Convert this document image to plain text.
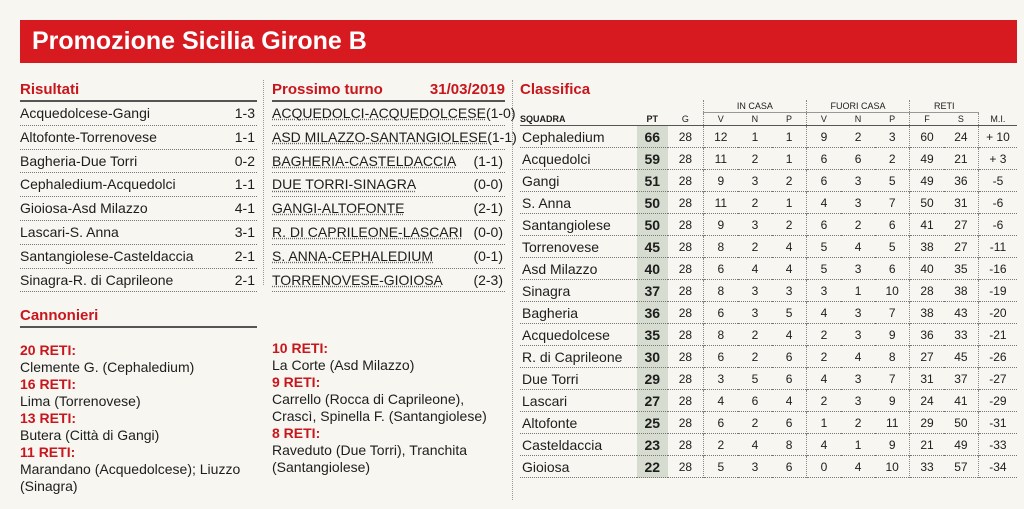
Promozione Sicilia Girone B
Risultati
Acquedolcese-Gangi	1-3
Altofonte-Torrenovese	1-1
Bagheria-Due Torri	0-2
Cephaledium-Acquedolci	1-1
Gioiosa-Asd Milazzo	4-1
Lascari-S. Anna	3-1
Santangiolese-Casteldaccia	2-1
Sinagra-R. di Caprileone	2-1
Prossimo turno	31/03/2019
ACQUEDOLCI-ACQUEDOLCESE (1-0)
ASD MILAZZO-SANTANGIOLESE (1-1)
BAGHERIA-CASTELDACCIA (1-1)
DUE TORRI-SINAGRA	(0-0)
GANGI-ALTOFONTE	(2-1)
R. DI CAPRILEONE-LASCARI (0-0)
S. ANNA-CEPHALEDIUM	(0-1)
TORRENOVESE-GIOIOSA (2-3)
Cannonieri
20 RETI:
Clemente G. (Cephaledium)
16 RETI:
Lima (Torrenovese)
13 RETI:
Butera (Città di Gangi)
11 RETI:
Marandano (Acquedolcese); Liuzzo
(Sinagra)
10 RETI:
La Corte (Asd Milazzo)
9 RETI:
Carrello (Rocca di Caprileone),
Crascì, Spinella F. (Santangiolese)
8 RETI:
Raveduto (Due Torri), Tranchita
(Santangiolese)
Classifica
			IN CASA			FUORI CASA			RETI		
SQUADRA	PT	G	V	N	P	V	N	P	F	S	M.I.
Cephaledium	66	28	12	1	1	9	2	3	60	24	+ 10
Acquedolci	59	28	11	2	1	6	6	2	49	21	+ 3
Gangi	51	28	9	3	2	6	3	5	49	36	-5
S. Anna	50	28	11	2	1	4	3	7	50	31	-6
Santangiolese	50	28	9	3	2	6	2	6	41	27	-6
Torrenovese	45	28	8	2	4	5	4	5	38	27	-11
Asd Milazzo	40	28	6	4	4	5	3	6	40	35	-16
Sinagra	37	28	8	3	3	3	1	10	28	38	-19
Bagheria	36	28	6	3	5	4	3	7	38	43	-20
Acquedolcese	35	28	8	2	4	2	3	9	36	33	-21
R. di Caprileone	30	28	6	2	6	2	4	8	27	45	-26
Due Torri	29	28	3	5	6	4	3	7	31	37	-27
Lascari	27	28	4	6	4	2	3	9	24	41	-29
Altofonte	25	28	6	2	6	1	2	11	29	50	-31
Casteldaccia	23	28	2	4	8	4	1	9	21	49	-33
Gioiosa	22	28	5	3	6	0	4	10	33	57	-34
